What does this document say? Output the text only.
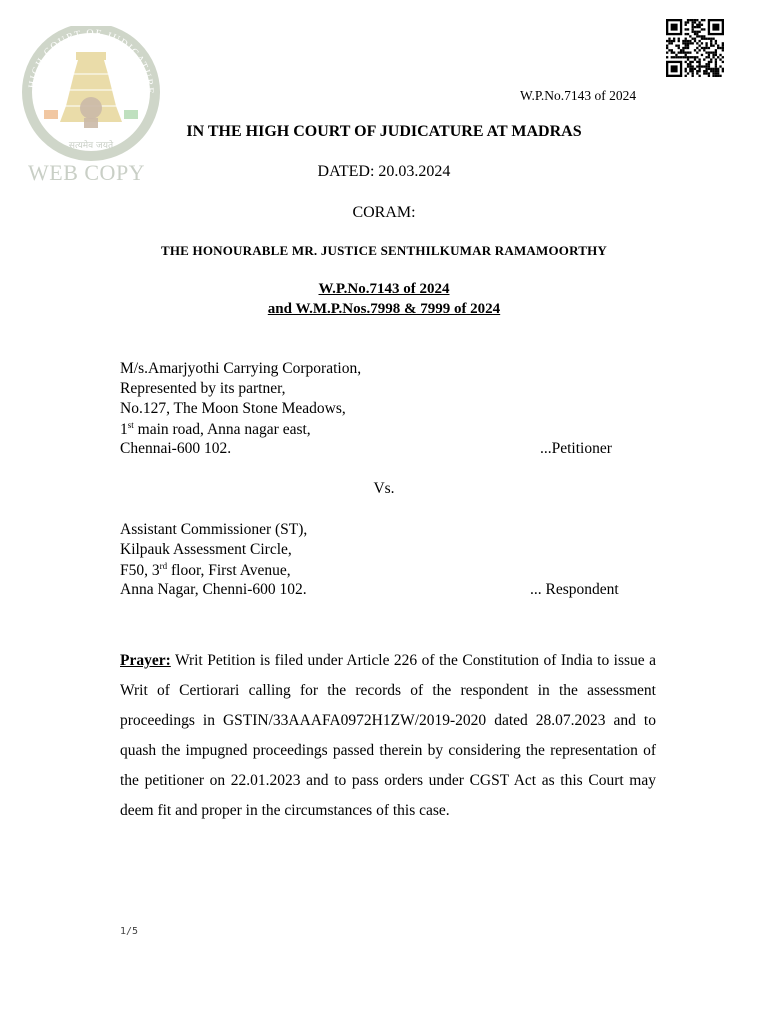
HIGH COURT OF JUDICATURE
सत्यमेव जयते
WEB COPY
W.P.No.7143 of 2024
IN THE HIGH COURT OF JUDICATURE AT MADRAS
DATED: 20.03.2024
CORAM:
THE HONOURABLE MR. JUSTICE SENTHILKUMAR RAMAMOORTHY
W.P.No.7143 of 2024
and W.M.P.Nos.7998 & 7999 of 2024
M/s.Amarjyothi Carrying Corporation,
Represented by its partner,
No.127, The Moon Stone Meadows,
1st main road, Anna nagar east,
Chennai-600 102.	...Petitioner
Vs.
Assistant Commissioner (ST),
Kilpauk Assessment Circle,
F50, 3rd floor, First Avenue,
Anna Nagar, Chenni-600 102.	... Respondent
Prayer: Writ Petition is filed under Article 226 of the Constitution of India to issue a Writ of Certiorari calling for the records of the respondent in the assessment proceedings in GSTIN/33AAAFA0972H1ZW/2019-2020 dated 28.07.2023 and to quash the impugned proceedings passed therein by considering the representation of the petitioner on 22.01.2023 and to pass orders under CGST Act as this Court may deem fit and proper in the circumstances of this case.
1/5
